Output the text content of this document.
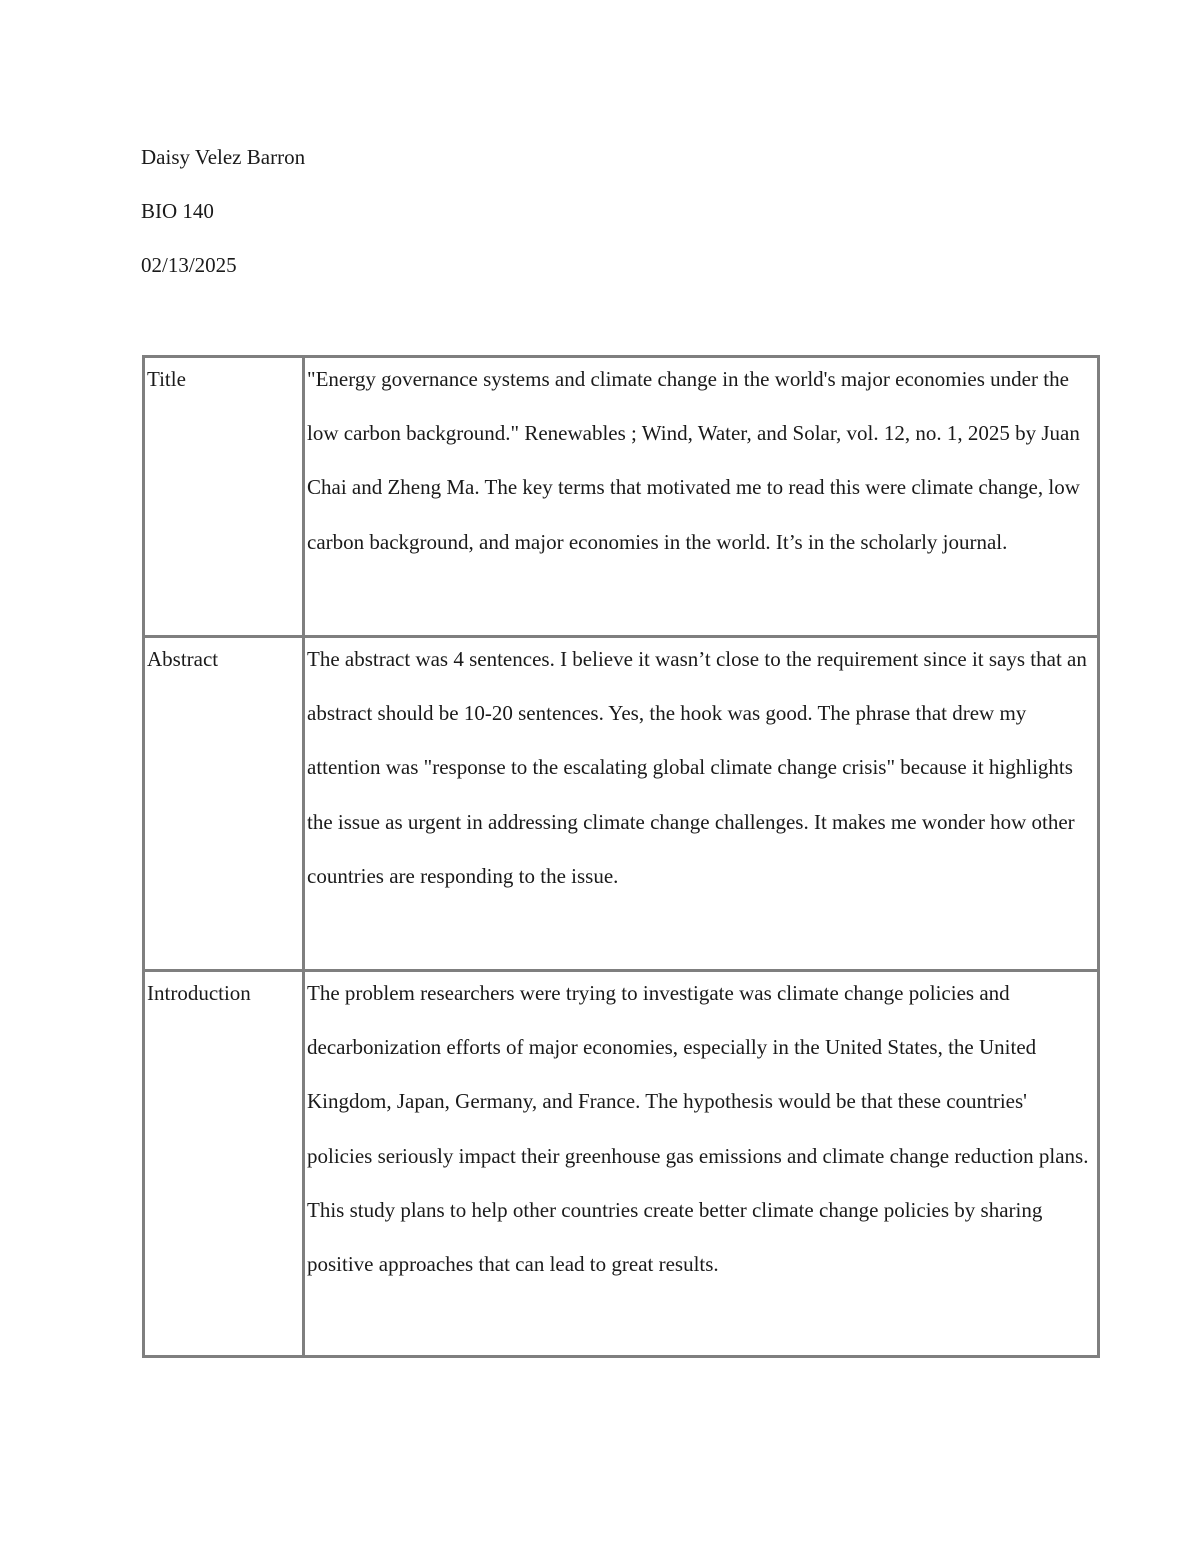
Daisy Velez Barron
BIO 140
02/13/2025
Title	"Energy governance systems and climate change in the world's major economies under the low carbon background." Renewables ; Wind, Water, and Solar, vol. 12, no. 1, 2025 by Juan Chai and Zheng Ma. The key terms that motivated me to read this were climate change, low carbon background, and major economies in the world. It’s in the scholarly journal.

Abstract	The abstract was 4 sentences. I believe it wasn’t close to the requirement since it says that an abstract should be 10-20 sentences. Yes, the hook was good. The phrase that drew my attention was "response to the escalating global climate change crisis" because it highlights the issue as urgent in addressing climate change challenges. It makes me wonder how other countries are responding to the issue.

Introduction	The problem researchers were trying to investigate was climate change policies and decarbonization efforts of major economies, especially in the United States, the United Kingdom, Japan, Germany, and France. The hypothesis would be that these countries' policies seriously impact their greenhouse gas emissions and climate change reduction plans. This study plans to help other countries create better climate change policies by sharing positive approaches that can lead to great results.
